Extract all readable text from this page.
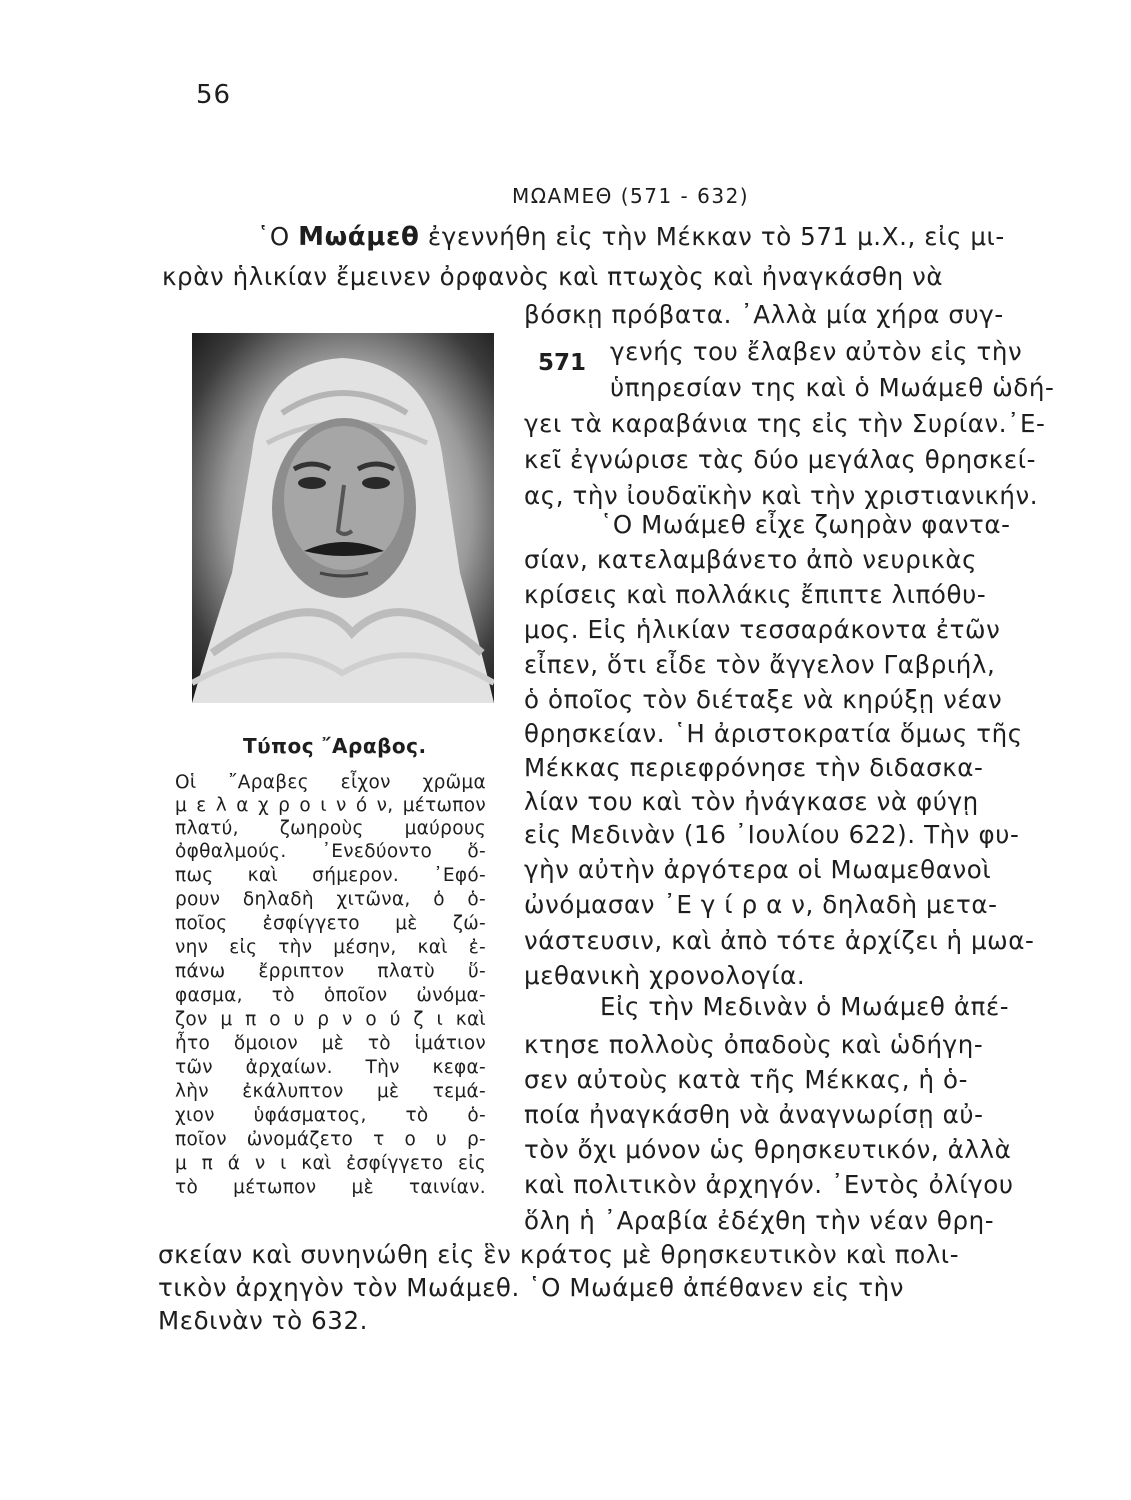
56
ΜΩΑΜΕΘ (571 - 632)
῾Ο Μωάμεθ ἐγεννήθη εἰς τὴν Μέκκαν τὸ 571 μ.Χ., εἰς μι-
κρὰν ἡλικίαν ἔμεινεν ὀρφανὸς καὶ πτωχὸς καὶ ἠναγκάσθη νὰ
βόσκῃ πρόβατα. ᾿Αλλὰ μία χήρα συγ-
571 γενής του ἔλαβεν αὐτὸν εἰς τὴν
ὑπηρεσίαν της καὶ ὁ Μωάμεθ ὡδή-
γει τὰ καραβάνια της εἰς τὴν Συρίαν.᾿Ε-
κεῖ ἐγνώρισε τὰς δύο μεγάλας θρησκεί-
ας, τὴν ἰουδαϊκὴν καὶ τὴν χριστιανικήν.
῾Ο Μωάμεθ εἶχε ζωηρὰν φαντα-
σίαν, κατελαμβάνετο ἀπὸ νευρικὰς
κρίσεις καὶ πολλάκις ἔπιπτε λιπόθυ-
μος. Εἰς ἡλικίαν τεσσαράκοντα ἐτῶν
εἶπεν, ὅτι εἶδε τὸν ἄγγελον Γαβριήλ,
ὁ ὁποῖος τὸν διέταξε νὰ κηρύξῃ νέαν
θρησκείαν. ῾Η ἀριστοκρατία ὅμως τῆς
Μέκκας περιεφρόνησε τὴν διδασκα-
λίαν του καὶ τὸν ἠνάγκασε νὰ φύγῃ
εἰς Μεδινὰν (16 ᾿Ιουλίου 622). Τὴν φυ-
γὴν αὐτὴν ἀργότερα οἱ Μωαμεθανοὶ
ὠνόμασαν ᾿Ε γ ί ρ α ν, δηλαδὴ μετα-
νάστευσιν, καὶ ἀπὸ τότε ἀρχίζει ἡ μωα-
μεθανικὴ χρονολογία.
Εἰς τὴν Μεδινὰν ὁ Μωάμεθ ἀπέ-
κτησε πολλοὺς ὀπαδοὺς καὶ ὡδήγη-
σεν αὐτοὺς κατὰ τῆς Μέκκας, ἡ ὁ-
ποία ἠναγκάσθη νὰ ἀναγνωρίσῃ αὐ-
τὸν ὄχι μόνον ὡς θρησκευτικόν, ἀλλὰ
καὶ πολιτικὸν ἀρχηγόν. ᾿Εντὸς ὀλίγου
ὅλη ἡ ᾿Αραβία ἐδέχθη τὴν νέαν θρη-
σκείαν καὶ συνηνώθη εἰς ἓν κράτος μὲ θρησκευτικὸν καὶ πολι-
τικὸν ἀρχηγὸν τὸν Μωάμεθ. ῾Ο Μωάμεθ ἀπέθανεν εἰς τὴν
Μεδινὰν τὸ 632.
Τύπος ῎Αραβος.
Οἱ ῎Αραβες εἶχον χρῶμα
μ ε λ α χ ρ ο ι ν ό ν, μέτωπον
πλατύ, ζωηροὺς μαύρους
ὀφθαλμούς. ᾿Ενεδύοντο ὅ-
πως καὶ σήμερον. ᾿Εφό-
ρουν δηλαδὴ χιτῶνα, ὁ ὁ-
ποῖος ἐσφίγγετο μὲ ζώ-
νην εἰς τὴν μέσην, καὶ ἐ-
πάνω ἔρριπτον πλατὺ ὕ-
φασμα, τὸ ὁποῖον ὠνόμα-
ζον μ π ο υ ρ ν ο ύ ζ ι καὶ
ἦτο ὅμοιον μὲ τὸ ἱμάτιον
τῶν ἀρχαίων. Τὴν κεφα-
λὴν ἐκάλυπτον μὲ τεμά-
χιον ὑφάσματος, τὸ ὁ-
ποῖον ὠνομάζετο τ ο υ ρ-
μ π ά ν ι καὶ ἐσφίγγετο εἰς
τὸ μέτωπον μὲ ταινίαν.
